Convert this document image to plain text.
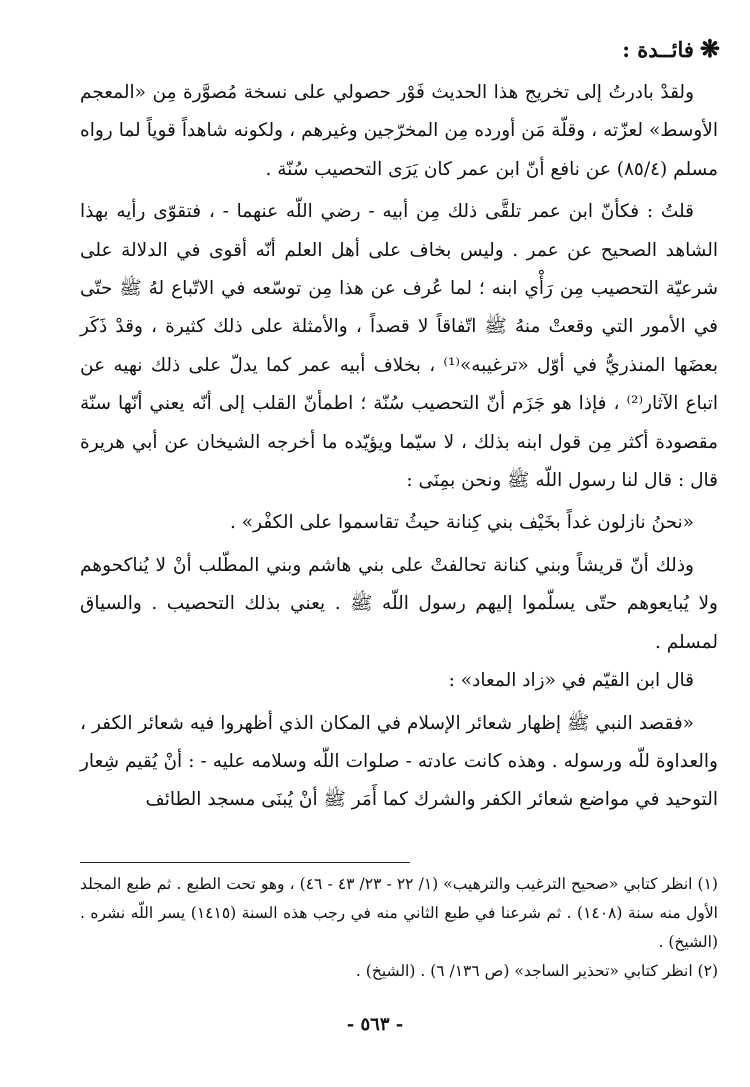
❋فائــدة :

ولقدْ بادرتُ إلى تخريج هذا الحديث فَوْر حصولي على نسخة مُصوَّرة مِن «المعجم الأوسط» لعزّته ، وقلّة مَن أورده مِن المخرّجين وغيرهم ، ولكونه شاهداً قوياً لما رواه مسلم (٨٥/٤) عن نافع أنّ ابن عمر كان يَرَى التحصيب سُنّة .

قلتُ : فكأنّ ابن عمر تلقَّى ذلك مِن أبيه - رضي اللّه عنهما - ، فتقوّى رأيه بهذا الشاهد الصحيح عن عمر . وليس بخاف على أهل العلم أنّه أقوى في الدلالة على شرعيّة التحصيب مِن رَأْي ابنه ؛ لما عُرف عن هذا مِن توسّعه في الاتّباع لهُ ﷺ حتّى في الأمور التي وقعتْ منهُ ﷺ اتّفاقاً لا قصداً ، والأمثلة على ذلك كثيرة ، وقدْ ذَكَر بعضَها المنذريُّ في أوّل «ترغيبه»⁽¹⁾ ، بخلاف أبيه عمر كما يدلّ على ذلك نهيه عن اتباع الآثار⁽²⁾ ، فإذا هو جَزَم أنّ التحصيب سُنّة ؛ اطمأنّ القلب إلى أنّه يعني أنّها سنّة مقصودة أكثر مِن قول ابنه بذلك ، لا سيّما ويؤيّده ما أخرجه الشيخان عن أبي هريرة قال : قال لنا رسول اللّه ﷺ ونحن بمِنَى :

«نحنُ نازلون غداً بخَيْف بني كِنانة حيثُ تقاسموا على الكفْر» .

وذلك أنّ قريشاً وبني كنانة تحالفتْ على بني هاشم وبني المطّلب أنْ لا يُناكحوهم ولا يُبايعوهم حتّى يسلّموا إليهم رسول اللّه ﷺ . يعني بذلك التحصيب . والسياق لمسلم .

قال ابن القيّم في «زاد المعاد» :

«فقصد النبي ﷺ إظهار شعائر الإسلام في المكان الذي أظهروا فيه شعائر الكفر ، والعداوة للّه ورسوله . وهذه كانت عادته - صلوات اللّه وسلامه عليه - : أنْ يُقيم شِعار التوحيد في مواضع شعائر الكفر والشرك كما أَمَر ﷺ أنْ يُبنَى مسجد الطائف

(١) انظر كتابي «صحيح الترغيب والترهيب» (١/ ٢٢ - ٢٣/ ٤٣ - ٤٦) ، وهو تحت الطبع . ثم طبع المجلد الأول منه سنة (١٤٠٨) . ثم شرعنا في طبع الثاني منه في رجب هذه السنة (١٤١٥) يسر اللّه نشره . (الشيخ) .

(٢) انظر كتابي «تحذير الساجد» (ص ١٣٦/ ٦) . (الشيخ) .

- ٥٦٣ -
